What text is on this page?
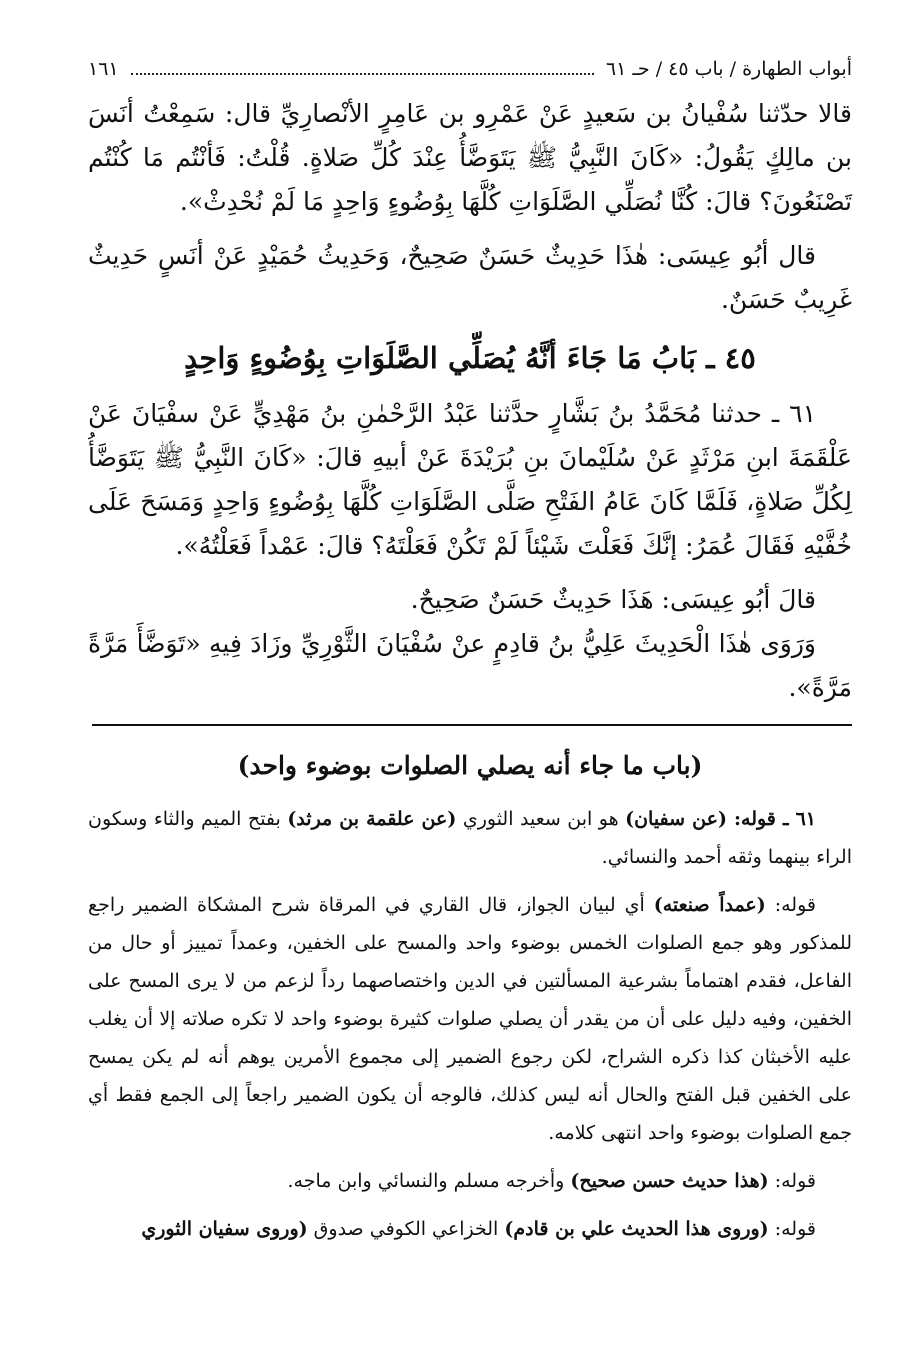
أبواب الطهارة / باب ٤٥ / حـ ٦١
١٦١

قالا حدّثنا سُفْيانُ بن سَعيدٍ عَنْ عَمْرِو بن عَامِرٍ الأنْصارِيِّ قال: سَمِعْتُ أنَسَ بن مالِكٍ يَقُولُ: «كَانَ النَّبِيُّ ﷺ يَتَوَضَّأُ عِنْدَ كُلِّ صَلاةٍ. قُلْتُ: فَأنْتُم مَا كُنْتُم تَصْنَعُونَ؟ قالَ: كُنَّا نُصَلِّي الصَّلَوَاتِ كُلَّهَا بِوُضُوءٍ وَاحِدٍ مَا لَمْ نُحْدِثْ».

قال أبُو عِيسَى: هٰذَا حَدِيثٌ حَسَنٌ صَحِيحٌ، وَحَدِيثُ حُمَيْدٍ عَنْ أنَسٍ حَدِيثٌ غَرِيبٌ حَسَنٌ.

٤٥ ـ بَابُ مَا جَاءَ أنَّهُ يُصَلِّي الصَّلَوَاتِ بِوُضُوءٍ وَاحِدٍ

٦١ ـ حدثنا مُحَمَّدُ بنُ بَشَّارٍ حدَّثنا عَبْدُ الرَّحْمٰنِ بنُ مَهْدِيٍّ عَنْ سفْيَانَ عَنْ عَلْقَمَةَ ابنِ مَرْثَدٍ عَنْ سُلَيْمانَ بنِ بُرَيْدَةَ عَنْ أبيهِ قالَ: «كَانَ النَّبِيُّ ﷺ يَتَوَضَّأُ لِكُلِّ صَلاةٍ، فَلَمَّا كَانَ عَامُ الفَتْحِ صَلَّى الصَّلَوَاتِ كُلَّهَا بِوُضُوءٍ وَاحِدٍ وَمَسَحَ عَلَى خُفَّيْهِ فَقَالَ عُمَرُ: إنَّكَ فَعَلْتَ شَيْئاً لَمْ تَكُنْ فَعَلْتَهُ؟ قالَ: عَمْداً فَعَلْتُهُ».

قالَ أبُو عِيسَى: هَذَا حَدِيثٌ حَسَنٌ صَحِيحٌ.

وَرَوَى هٰذَا الْحَدِيثَ عَلِيُّ بنُ قادِمٍ عنْ سُفْيَانَ الثَّوْرِيِّ وزَادَ فِيهِ «تَوَضَّأَ مَرَّةً مَرَّةً».

(باب ما جاء أنه يصلي الصلوات بوضوء واحد)

٦١ ـ قوله: (عن سفيان) هو ابن سعيد الثوري (عن علقمة بن مرثد) بفتح الميم والثاء وسكون الراء بينهما وثقه أحمد والنسائي.

قوله: (عمداً صنعته) أي لبيان الجواز، قال القاري في المرقاة شرح المشكاة الضمير راجع للمذكور وهو جمع الصلوات الخمس بوضوء واحد والمسح على الخفين، وعمداً تمييز أو حال من الفاعل، فقدم اهتماماً بشرعية المسألتين في الدين واختصاصهما رداً لزعم من لا يرى المسح على الخفين، وفيه دليل على أن من يقدر أن يصلي صلوات كثيرة بوضوء واحد لا تكره صلاته إلا أن يغلب عليه الأخبثان كذا ذكره الشراح، لكن رجوع الضمير إلى مجموع الأمرين يوهم أنه لم يكن يمسح على الخفين قبل الفتح والحال أنه ليس كذلك، فالوجه أن يكون الضمير راجعاً إلى الجمع فقط أي جمع الصلوات بوضوء واحد انتهى كلامه.

قوله: (هذا حديث حسن صحيح) وأخرجه مسلم والنسائي وابن ماجه.

قوله: (وروى هذا الحديث علي بن قادم) الخزاعي الكوفي صدوق (وروى سفيان الثوري
